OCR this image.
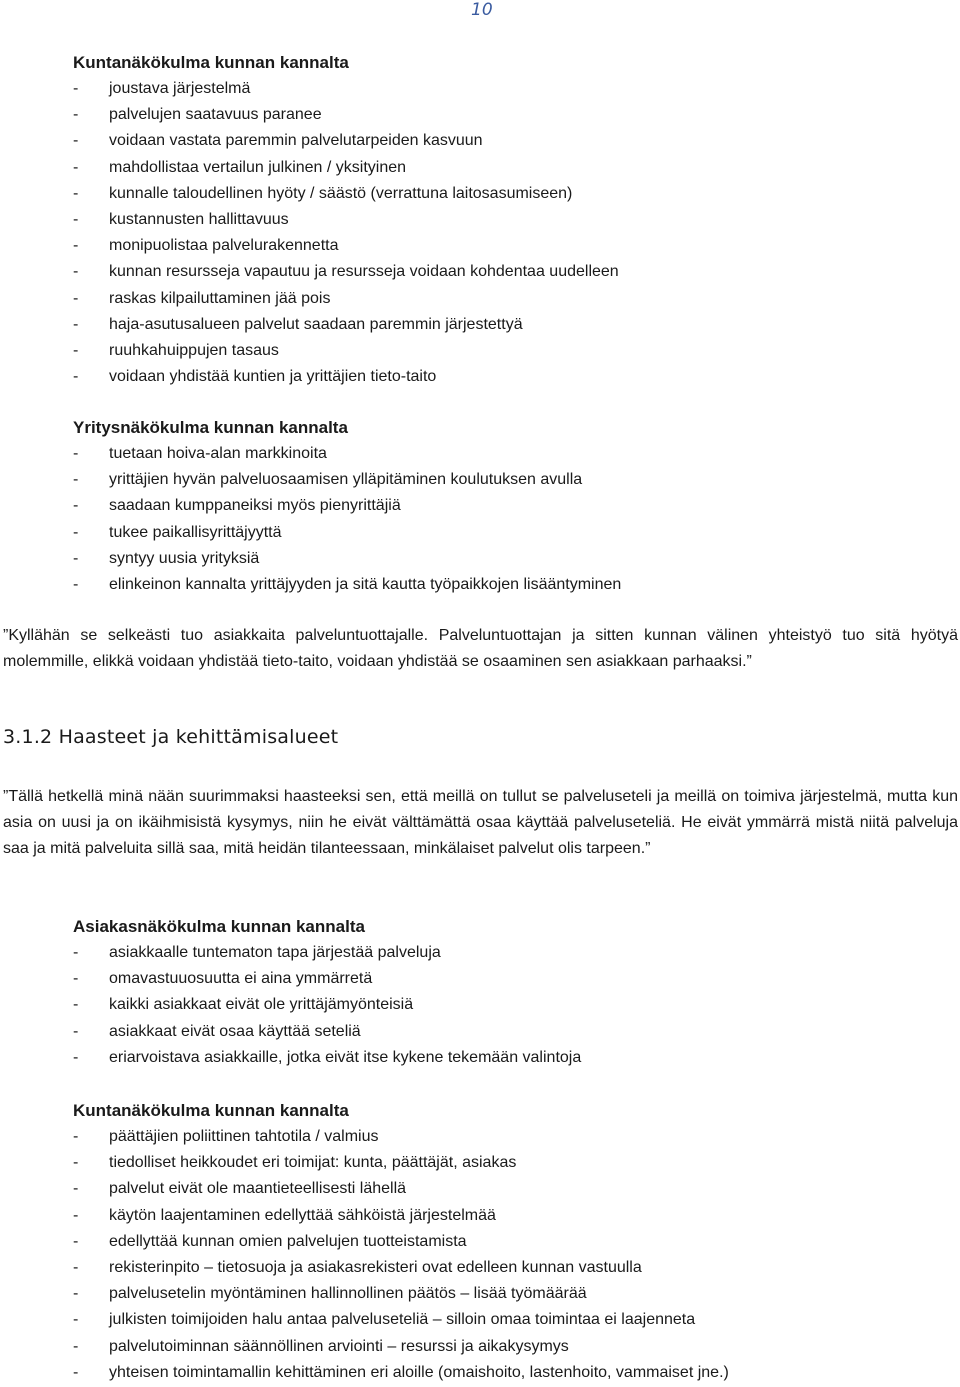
10

Kuntanäkökulma kunnan kannalta

- joustava järjestelmä
- palvelujen saatavuus paranee
- voidaan vastata paremmin palvelutarpeiden kasvuun
- mahdollistaa vertailun julkinen / yksityinen
- kunnalle taloudellinen hyöty / säästö (verrattuna laitosasumiseen)
- kustannusten hallittavuus
- monipuolistaa palvelurakennetta
- kunnan resursseja vapautuu ja resursseja voidaan kohdentaa uudelleen
- raskas kilpailuttaminen jää pois
- haja-asutusalueen palvelut saadaan paremmin järjestettyä
- ruuhkahuippujen tasaus
- voidaan yhdistää kuntien ja yrittäjien tieto-taito

Yritysnäkökulma kunnan kannalta

- tuetaan hoiva-alan markkinoita
- yrittäjien hyvän palveluosaamisen ylläpitäminen koulutuksen avulla
- saadaan kumppaneiksi myös pienyrittäjiä
- tukee paikallisyrittäjyyttä
- syntyy uusia yrityksiä
- elinkeinon kannalta yrittäjyyden ja sitä kautta työpaikkojen lisääntyminen

”Kyllähän se selkeästi tuo asiakkaita palveluntuottajalle. Palveluntuottajan ja sitten kunnan välinen yhteistyö tuo sitä hyötyä molemmille, elikkä voidaan yhdistää tieto-taito, voidaan yhdistää se osaaminen sen asiakkaan parhaaksi.”

3.1.2 Haasteet ja kehittämisalueet

”Tällä hetkellä minä nään suurimmaksi haasteeksi sen, että meillä on tullut se palveluseteli ja meillä on toimiva järjestelmä, mutta kun asia on uusi ja on ikäihmisistä kysymys, niin he eivät välttämättä osaa käyttää palveluseteliä. He eivät ymmärrä mistä niitä palveluja saa ja mitä palveluita sillä saa, mitä heidän tilanteessaan, minkälaiset palvelut olis tarpeen.”

Asiakasnäkökulma kunnan kannalta

- asiakkaalle tuntematon tapa järjestää palveluja
- omavastuuosuutta ei aina ymmärretä
- kaikki asiakkaat eivät ole yrittäjämyönteisiä
- asiakkaat eivät osaa käyttää seteliä
- eriarvoistava asiakkaille, jotka eivät itse kykene tekemään valintoja

Kuntanäkökulma kunnan kannalta

- päättäjien poliittinen tahtotila / valmius
- tiedolliset heikkoudet eri toimijat: kunta, päättäjät, asiakas
- palvelut eivät ole maantieteellisesti lähellä
- käytön laajentaminen edellyttää sähköistä järjestelmää
- edellyttää kunnan omien palvelujen tuotteistamista
- rekisterinpito – tietosuoja ja asiakasrekisteri ovat edelleen kunnan vastuulla
- palvelusetelin myöntäminen hallinnollinen päätös – lisää työmäärää
- julkisten toimijoiden halu antaa palveluseteliä – silloin omaa toimintaa ei laajenneta
- palvelutoiminnan säännöllinen arviointi – resurssi ja aikakysymys
- yhteisen toimintamallin kehittäminen eri aloille (omaishoito, lastenhoito, vammaiset jne.)
